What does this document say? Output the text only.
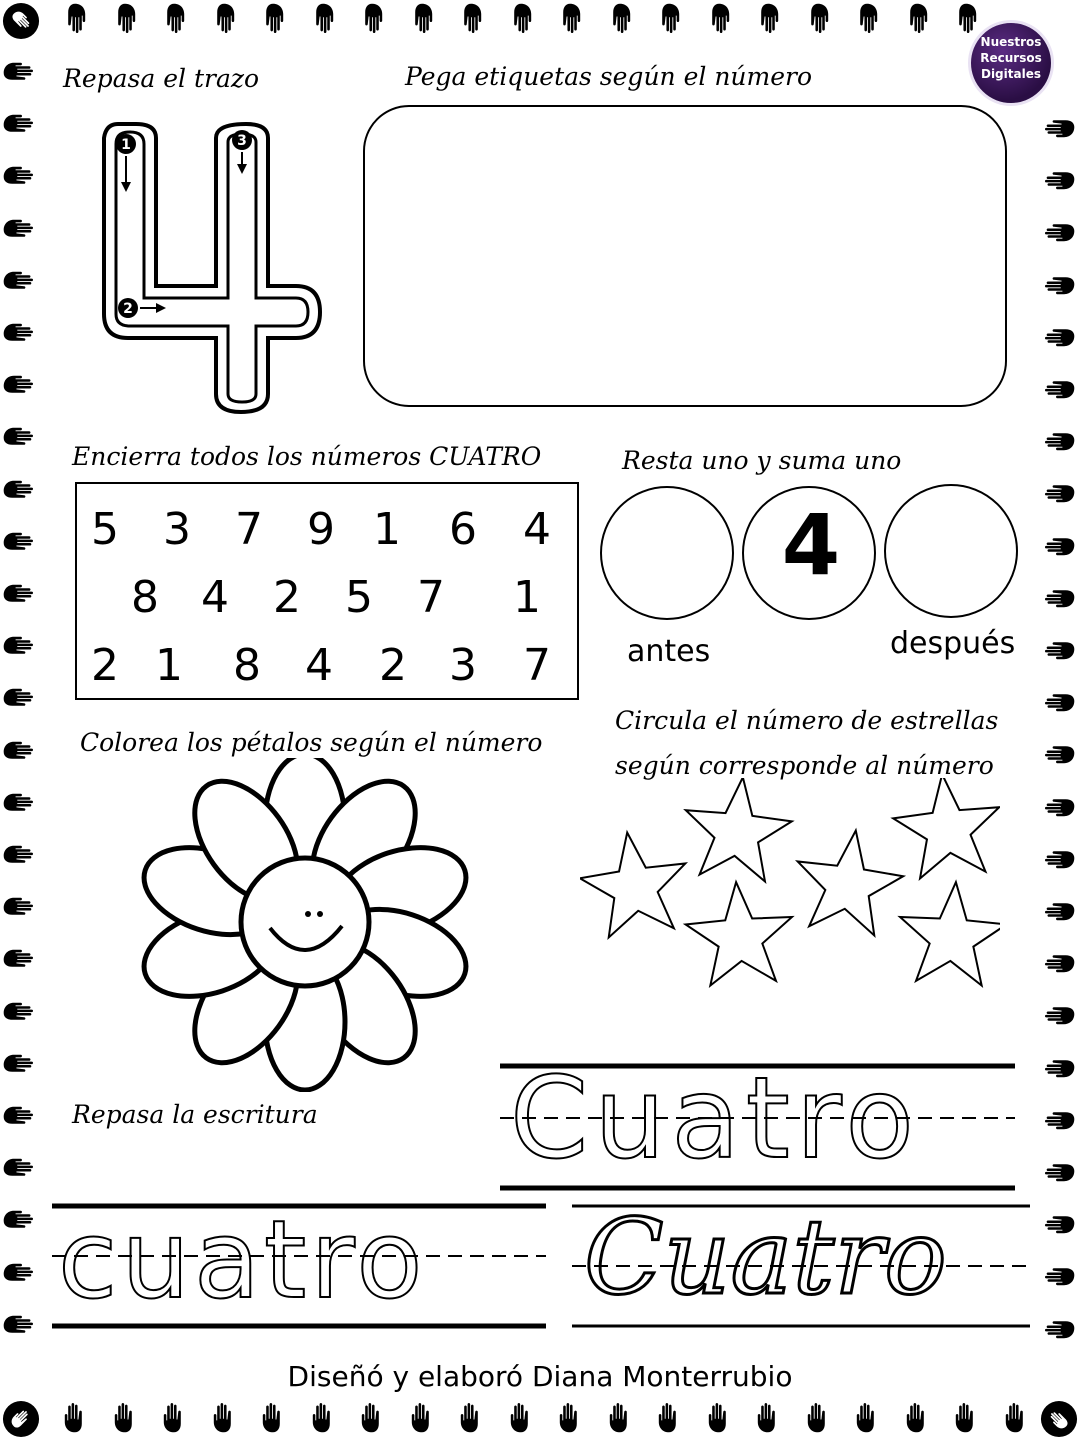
Nuestros
Recursos
Digitales
Repasa el trazo
1
2
3
Pega etiquetas según el número
Encierra todos los números CUATRO
5 3 7 9 1 6 4
8 4 2 5 7 1
2 1 8 4 2 3 7
Resta uno y suma uno
4
antes	después
Colorea los pétalos según el número
Circula el número de estrellas
según corresponde al número
Repasa la escritura Cuatro
cuatro Cuatro
Diseñó y elaboró Diana Monterrubio
